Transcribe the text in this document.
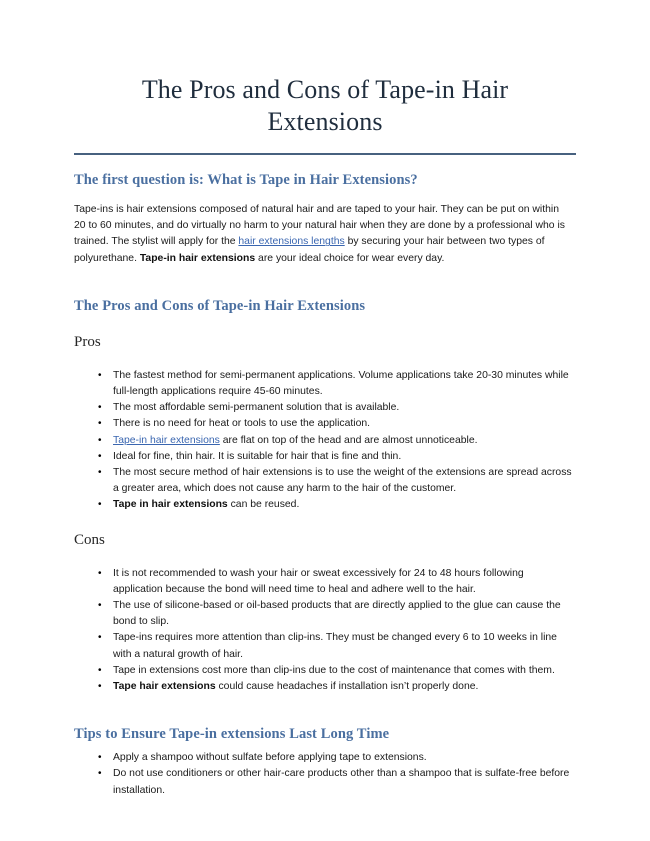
The Pros and Cons of Tape-in Hair Extensions
The first question is: What is Tape in Hair Extensions?

Tape-ins is hair extensions composed of natural hair and are taped to your hair. They can be put on within 20 to 60 minutes, and do virtually no harm to your natural hair when they are done by a professional who is trained. The stylist will apply for the hair extensions lengths by securing your hair between two types of polyurethane. Tape-in hair extensions are your ideal choice for wear every day.

The Pros and Cons of Tape-in Hair Extensions
Pros
• The fastest method for semi-permanent applications. Volume applications take 20-30 minutes while full-length applications require 45-60 minutes.
• The most affordable semi-permanent solution that is available.
• There is no need for heat or tools to use the application.
• Tape-in hair extensions are flat on top of the head and are almost unnoticeable.
• Ideal for fine, thin hair. It is suitable for hair that is fine and thin.
• The most secure method of hair extensions is to use the weight of the extensions are spread across a greater area, which does not cause any harm to the hair of the customer.
• Tape in hair extensions can be reused.
Cons
• It is not recommended to wash your hair or sweat excessively for 24 to 48 hours following application because the bond will need time to heal and adhere well to the hair.
• The use of silicone-based or oil-based products that are directly applied to the glue can cause the bond to slip.
• Tape-ins requires more attention than clip-ins. They must be changed every 6 to 10 weeks in line with a natural growth of hair.
• Tape in extensions cost more than clip-ins due to the cost of maintenance that comes with them.
• Tape hair extensions could cause headaches if installation isn’t properly done.
Tips to Ensure Tape-in extensions Last Long Time
• Apply a shampoo without sulfate before applying tape to extensions.
• Do not use conditioners or other hair-care products other than a shampoo that is sulfate-free before installation.
